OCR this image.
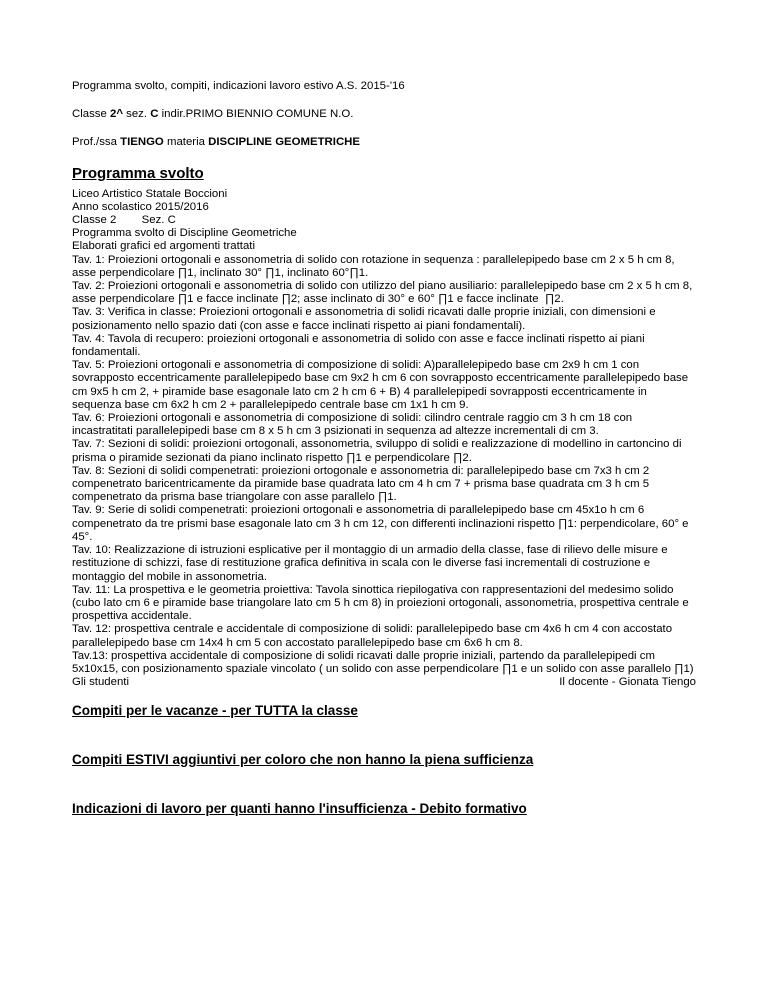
Programma svolto, compiti, indicazioni lavoro estivo A.S. 2015-'16

Classe 2^ sez. C indir.PRIMO BIENNIO COMUNE N.O.

Prof./ssa TIENGO materia DISCIPLINE GEOMETRICHE

Programma svolto

Liceo Artistico Statale Boccioni

Anno scolastico 2015/2016

Classe 2        Sez. C

Programma svolto di Discipline Geometriche

Elaborati grafici ed argomenti trattati

Tav. 1: Proiezioni ortogonali e assonometria di solido con rotazione in sequenza : parallelepipedo base cm 2 x 5 h cm 8, asse perpendicolare ∏1, inclinato 30° ∏1, inclinato 60°∏1.

Tav. 2: Proiezioni ortogonali e assonometria di solido con utilizzo del piano ausiliario: parallelepipedo base cm 2 x 5 h cm 8, asse perpendicolare ∏1 e facce inclinate ∏2; asse inclinato di 30° e 60° ∏1 e facce inclinate  ∏2.

Tav. 3: Verifica in classe: Proiezioni ortogonali e assonometria di solidi ricavati dalle proprie iniziali, con dimensioni e posizionamento nello spazio dati (con asse e facce inclinati rispetto ai piani fondamentali).

Tav. 4: Tavola di recupero: proiezioni ortogonali e assonometria di solido con asse e facce inclinati rispetto ai piani fondamentali.

Tav. 5: Proiezioni ortogonali e assonometria di composizione di solidi: A)parallelepipedo base cm 2x9 h cm 1 con sovrapposto eccentricamente parallelepipedo base cm 9x2 h cm 6 con sovrapposto eccentricamente parallelepipedo base cm 9x5 h cm 2, + piramide base esagonale lato cm 2 h cm 6 + B) 4 parallelepipedi sovrapposti eccentricamente in sequenza base cm 6x2 h cm 2 + parallelepipedo centrale base cm 1x1 h cm 9.

Tav. 6: Proiezioni ortogonali e assonometria di composizione di solidi: cilindro centrale raggio cm 3 h cm 18 con incastratitati parallelepipedi base cm 8 x 5 h cm 3 psizionati in sequenza ad altezze incrementali di cm 3.

Tav. 7: Sezioni di solidi: proiezioni ortogonali, assonometria, sviluppo di solidi e realizzazione di modellino in cartoncino di prisma o piramide sezionati da piano inclinato rispetto ∏1 e perpendicolare ∏2.

Tav. 8: Sezioni di solidi compenetrati: proiezioni ortogonale e assonometria di: parallelepipedo base cm 7x3 h cm 2 compenetrato baricentricamente da piramide base quadrata lato cm 4 h cm 7 + prisma base quadrata cm 3 h cm 5 compenetrato da prisma base triangolare con asse parallelo ∏1.

Tav. 9: Serie di solidi compenetrati: proiezioni ortogonali e assonometria di parallelepipedo base cm 45x1o h cm 6 compenetrato da tre prismi base esagonale lato cm 3 h cm 12, con differenti inclinazioni rispetto ∏1: perpendicolare, 60° e 45°.

Tav. 10: Realizzazione di istruzioni esplicative per il montaggio di un armadio della classe, fase di rilievo delle misure e restituzione di schizzi, fase di restituzione grafica definitiva in scala con le diverse fasi incrementali di costruzione e montaggio del mobile in assonometria.

Tav. 11: La prospettiva e le geometria proiettiva: Tavola sinottica riepilogativa con rappresentazioni del medesimo solido (cubo lato cm 6 e piramide base triangolare lato cm 5 h cm 8) in proiezioni ortogonali, assonometria, prospettiva centrale e prospettiva accidentale.

Tav. 12: prospettiva centrale e accidentale di composizione di solidi: parallelepipedo base cm 4x6 h cm 4 con accostato parallelepipedo base cm 14x4 h cm 5 con accostato parallelepipedo base cm 6x6 h cm 8.

Tav.13: prospettiva accidentale di composizione di solidi ricavati dalle proprie iniziali, partendo da parallelepipedi cm 5x10x15, con posizionamento spaziale vincolato ( un solido con asse perpendicolare ∏1 e un solido con asse parallelo ∏1)

Gli studenti	Il docente - Gionata Tiengo

Compiti per le vacanze - per TUTTA la classe

Compiti ESTIVI aggiuntivi per coloro che non hanno la piena sufficienza

Indicazioni di lavoro per quanti hanno l'insufficienza - Debito formativo
